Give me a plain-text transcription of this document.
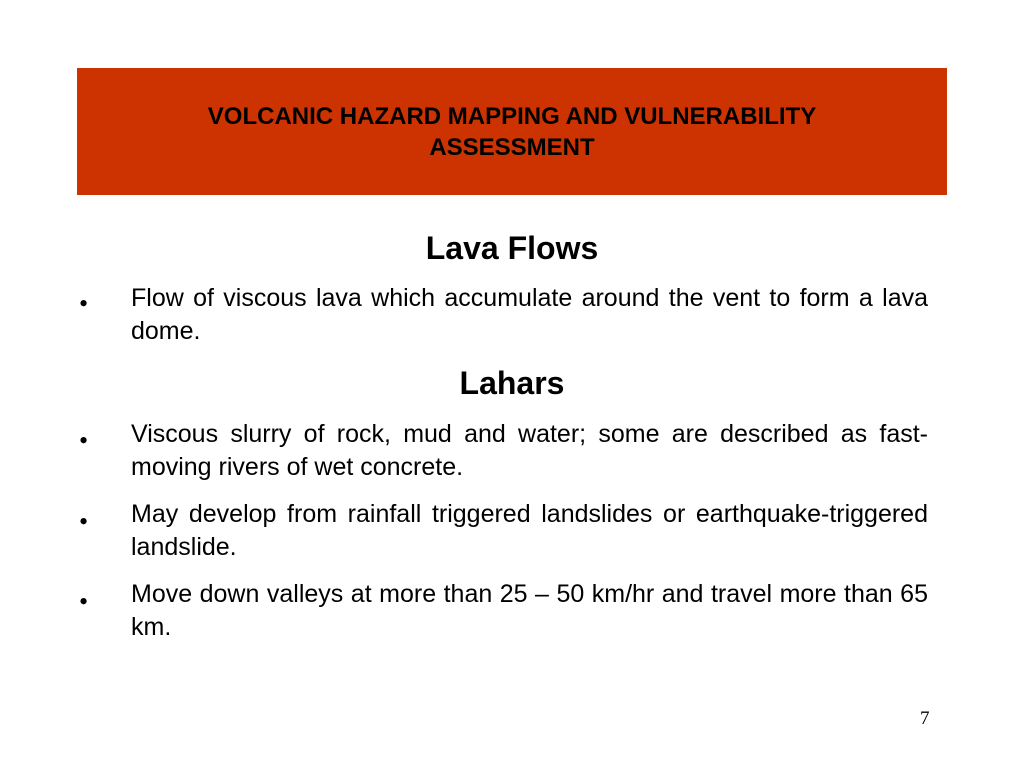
VOLCANIC HAZARD MAPPING AND VULNERABILITY ASSESSMENT
Lava Flows
• Flow of viscous lava which accumulate around the vent to form a lava dome.

Lahars
• Viscous slurry of rock, mud and water; some are described as fast-moving rivers of wet concrete.

• May develop from rainfall triggered landslides or earthquake-triggered landslide.

• Move down valleys at more than 25 – 50 km/hr and travel more than 65 km.

7
